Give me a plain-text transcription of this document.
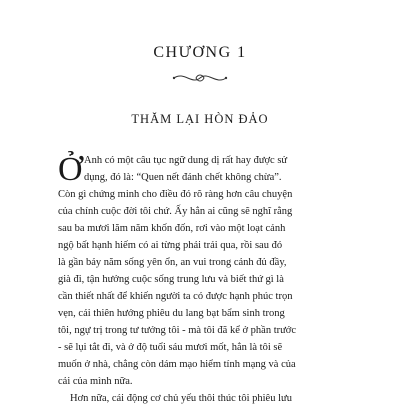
CHƯƠNG 1
THĂM LẠI HÒN ĐẢO
Ở Anh có một câu tục ngữ dung dị rất hay được sử
dụng, đó là: “Quen nết đánh chết không chừa”.
Còn gì chứng minh cho điều đó rõ ràng hơn câu chuyện
của chính cuộc đời tôi chứ. Ấy hẳn ai cũng sẽ nghĩ rằng
sau ba mươi lăm năm khốn đốn, rơi vào một loạt cảnh
ngộ bất hạnh hiếm có ai từng phải trải qua, rồi sau đó
là gần bảy năm sống yên ổn, an vui trong cảnh đủ đầy,
già đi, tận hưởng cuộc sống trung lưu và biết thứ gì là
cần thiết nhất để khiến người ta có được hạnh phúc trọn
vẹn, cái thiên hướng phiêu du lang bạt bẩm sinh trong
tôi, ngự trị trong tư tưởng tôi - mà tôi đã kể ở phần trước
- sẽ lụi tắt đi, và ở độ tuổi sáu mươi mốt, hẳn là tôi sẽ
muốn ở nhà, chẳng còn dám mạo hiểm tính mạng và của
cải của mình nữa.
Hơn nữa, cái động cơ chủ yếu thôi thúc tôi phiêu lưu
